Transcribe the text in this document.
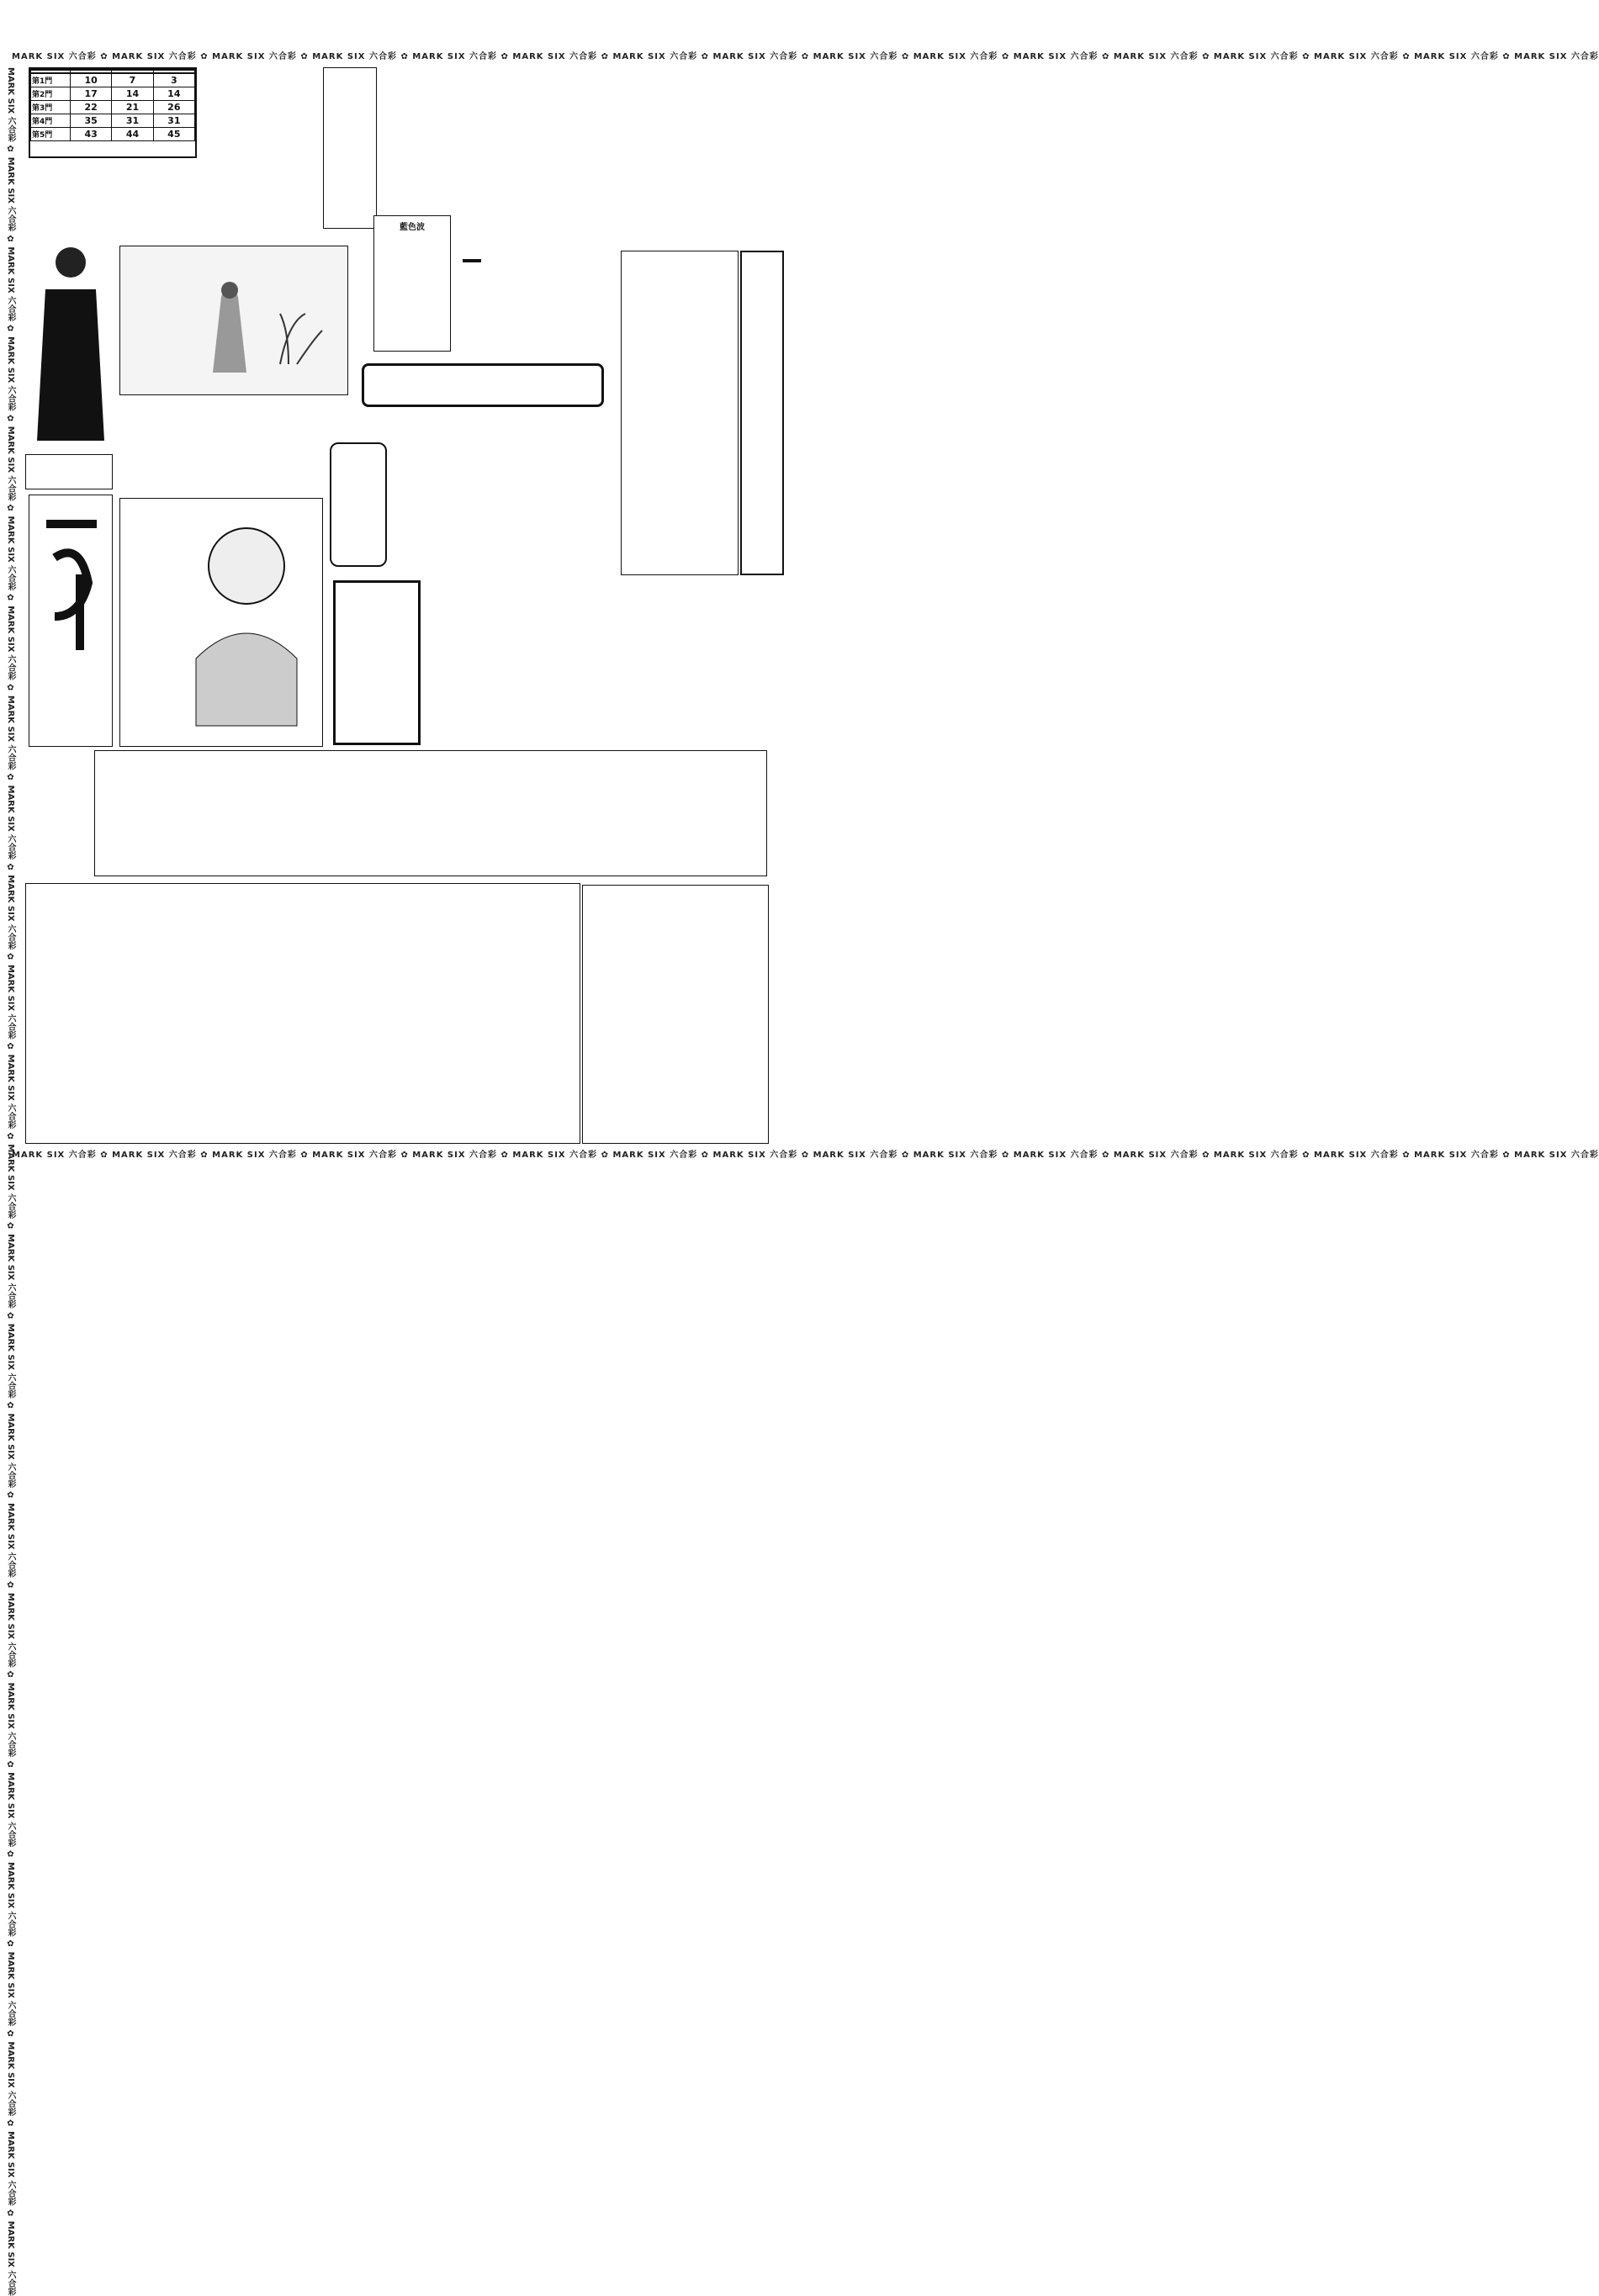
MARK SIX 六合彩 ✿ MARK SIX 六合彩 ✿ MARK SIX 六合彩 ✿ MARK SIX 六合彩 ✿ MARK SIX 六合彩 ✿ MARK SIX 六合彩 ✿ MARK SIX 六合彩 ✿ MARK SIX 六合彩 ✿ MARK SIX 六合彩 ✿ MARK SIX 六合彩 ✿ MARK SIX 六合彩 ✿ MARK SIX 六合彩 ✿ MARK SIX 六合彩 ✿ MARK SIX 六合彩 ✿ MARK SIX 六合彩 ✿ MARK SIX 六合彩
MARK SIX 六合彩 ✿ MARK SIX 六合彩 ✿ MARK SIX 六合彩 ✿ MARK SIX 六合彩 ✿ MARK SIX 六合彩 ✿ MARK SIX 六合彩 ✿ MARK SIX 六合彩 ✿ MARK SIX 六合彩 ✿ MARK SIX 六合彩 ✿ MARK SIX 六合彩 ✿ MARK SIX 六合彩 ✿ MARK SIX 六合彩 ✿ MARK SIX 六合彩 ✿ MARK SIX 六合彩 ✿ MARK SIX 六合彩 ✿ MARK SIX 六合彩
MARK SIX 六合彩 ✿ MARK SIX 六合彩 ✿ MARK SIX 六合彩 ✿ MARK SIX 六合彩 ✿ MARK SIX 六合彩 ✿ MARK SIX 六合彩 ✿ MARK SIX 六合彩 ✿ MARK SIX 六合彩 ✿ MARK SIX 六合彩 ✿ MARK SIX 六合彩 ✿ MARK SIX 六合彩 ✿ MARK SIX 六合彩 ✿ MARK SIX 六合彩 ✿ MARK SIX 六合彩 ✿ MARK SIX 六合彩 ✿ MARK SIX 六合彩 ✿ MARK SIX 六合彩 ✿ MARK SIX 六合彩 ✿ MARK SIX 六合彩 ✿ MARK SIX 六合彩 ✿ MARK SIX 六合彩 ✿ MARK SIX 六合彩 ✿ MARK SIX 六合彩 ✿ MARK SIX 六合彩 ✿ MARK SIX 六合彩
			第1門	10	7	3
第2門	17	14	14
第3門	22	21	26
第4門	35	31	31
第5門	43	44	45
藍色波
